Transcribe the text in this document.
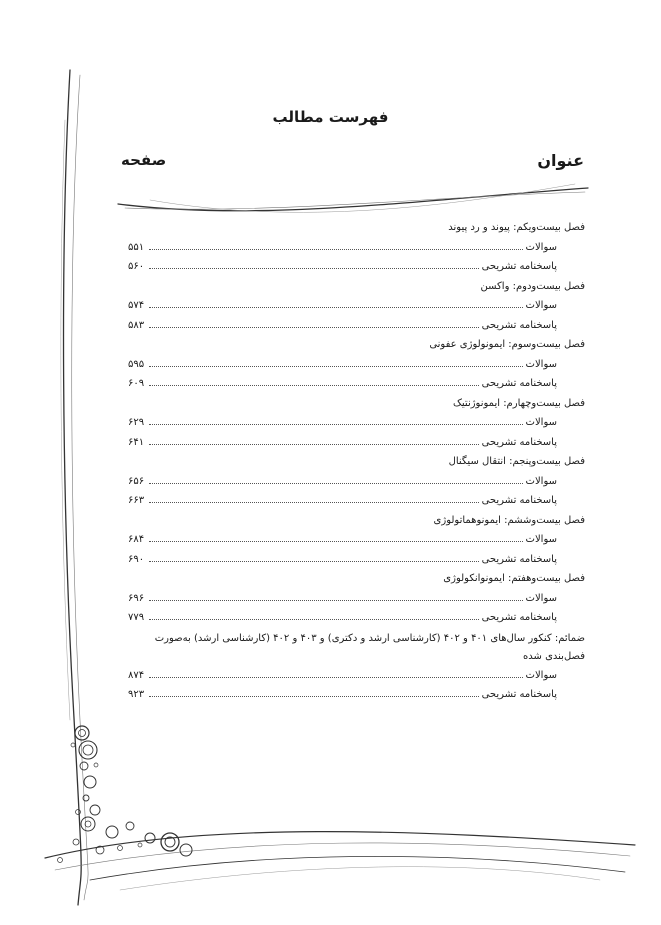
فهرست مطالب
عنوان
صفحه
فصل بیست‌ویکم: پیوند و رد پیوند
سوالات
۵۵۱
پاسخنامه تشریحی
۵۶۰
فصل بیست‌ودوم: واکسن
سوالات
۵۷۴
پاسخنامه تشریحی
۵۸۳
فصل بیست‌وسوم: ایمونولوژی عفونی
سوالات
۵۹۵
پاسخنامه تشریحی
۶۰۹
فصل بیست‌وچهارم: ایمونوژنتیک
سوالات
۶۲۹
پاسخنامه تشریحی
۶۴۱
فصل بیست‌وپنجم: انتقال سیگنال
سوالات
۶۵۶
پاسخنامه تشریحی
۶۶۳
فصل بیست‌وششم: ایمونوهماتولوژی
سوالات
۶۸۴
پاسخنامه تشریحی
۶۹۰
فصل بیست‌وهفتم: ایمونوانکولوژی
سوالات
۶۹۶
پاسخنامه تشریحی
۷۷۹
ضمائم: کنکور سال‌های ۴۰۱ و ۴۰۲ (کارشناسی ارشد و دکتری) و ۴۰۳ و ۴۰۲ (کارشناسی ارشد) به‌صورت فصل‌بندی شده
سوالات
۸۷۴
پاسخنامه تشریحی
۹۲۳
